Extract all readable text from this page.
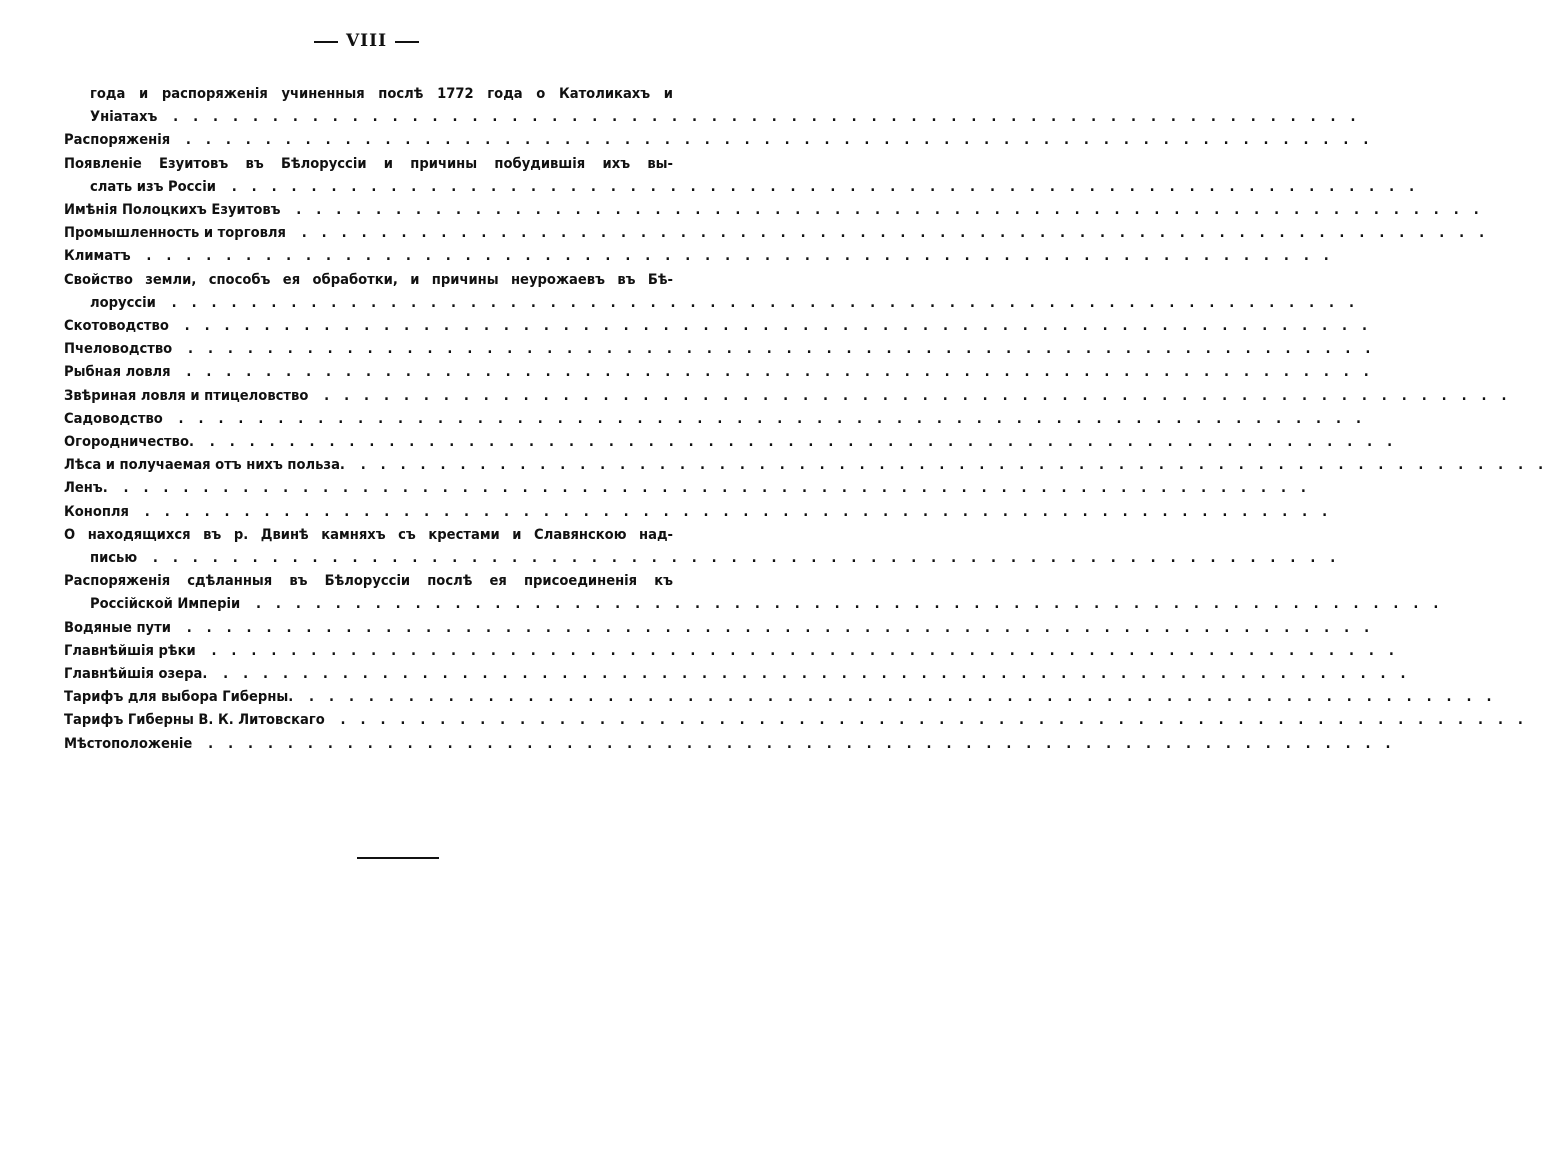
VIII
года и распоряженія учиненныя послѣ 1772 года о Католикахъ и
Уніатахъ . . . . . . . . . . . . . . . . . . . . . . . . . . . . . . . . . . . . . . . . . . . . . . . . . . . . . . . . . . . .
Распоряженія . . . . . . . . . . . . . . . . . . . . . . . . . . . . . . . . . . . . . . . . . . . . . . . . . . . . . . . . . . . .
Появленіе Езуитовъ въ Бѣлоруссіи и причины побудившія ихъ вы-
слать изъ Россіи . . . . . . . . . . . . . . . . . . . . . . . . . . . . . . . . . . . . . . . . . . . . . . . . . . . . . . . . . . . .
Имѣнія Полоцкихъ Езуитовъ . . . . . . . . . . . . . . . . . . . . . . . . . . . . . . . . . . . . . . . . . . . . . . . . . . . . . . . . . . . .
Промышленность и торговля . . . . . . . . . . . . . . . . . . . . . . . . . . . . . . . . . . . . . . . . . . . . . . . . . . . . . . . . . . . .
Климатъ . . . . . . . . . . . . . . . . . . . . . . . . . . . . . . . . . . . . . . . . . . . . . . . . . . . . . . . . . . . .
Свойство земли, способъ ея обработки, и причины неурожаевъ въ Бѣ-
лоруссіи . . . . . . . . . . . . . . . . . . . . . . . . . . . . . . . . . . . . . . . . . . . . . . . . . . . . . . . . . . . .
Скотоводство . . . . . . . . . . . . . . . . . . . . . . . . . . . . . . . . . . . . . . . . . . . . . . . . . . . . . . . . . . . .
Пчеловодство . . . . . . . . . . . . . . . . . . . . . . . . . . . . . . . . . . . . . . . . . . . . . . . . . . . . . . . . . . . .
Рыбная ловля . . . . . . . . . . . . . . . . . . . . . . . . . . . . . . . . . . . . . . . . . . . . . . . . . . . . . . . . . . . .
Звѣриная ловля и птицеловство . . . . . . . . . . . . . . . . . . . . . . . . . . . . . . . . . . . . . . . . . . . . . . . . . . . . . . . . . . . .
Садоводство . . . . . . . . . . . . . . . . . . . . . . . . . . . . . . . . . . . . . . . . . . . . . . . . . . . . . . . . . . . .
Огородничество. . . . . . . . . . . . . . . . . . . . . . . . . . . . . . . . . . . . . . . . . . . . . . . . . . . . . . . . . . . . .
Лѣса и получаемая отъ нихъ польза. . . . . . . . . . . . . . . . . . . . . . . . . . . . . . . . . . . . . . . . . . . . . . . . . . . . . . . . . . . . .
Ленъ. . . . . . . . . . . . . . . . . . . . . . . . . . . . . . . . . . . . . . . . . . . . . . . . . . . . . . . . . . . . .
Конопля . . . . . . . . . . . . . . . . . . . . . . . . . . . . . . . . . . . . . . . . . . . . . . . . . . . . . . . . . . . .
О находящихся въ р. Двинѣ камняхъ съ крестами и Славянскою над-
писью . . . . . . . . . . . . . . . . . . . . . . . . . . . . . . . . . . . . . . . . . . . . . . . . . . . . . . . . . . . .
Распоряженія сдѣланныя въ Бѣлоруссіи послѣ ея присоединенія къ
Россійской Имперіи . . . . . . . . . . . . . . . . . . . . . . . . . . . . . . . . . . . . . . . . . . . . . . . . . . . . . . . . . . . .
Водяные пути . . . . . . . . . . . . . . . . . . . . . . . . . . . . . . . . . . . . . . . . . . . . . . . . . . . . . . . . . . . .
Главнѣйшія рѣки . . . . . . . . . . . . . . . . . . . . . . . . . . . . . . . . . . . . . . . . . . . . . . . . . . . . . . . . . . . .
Главнѣйшія озера. . . . . . . . . . . . . . . . . . . . . . . . . . . . . . . . . . . . . . . . . . . . . . . . . . . . . . . . . . . . .
Тарифъ для выбора Гиберны. . . . . . . . . . . . . . . . . . . . . . . . . . . . . . . . . . . . . . . . . . . . . . . . . . . . . . . . . . . . .
Тарифъ Гиберны В. К. Литовскаго . . . . . . . . . . . . . . . . . . . . . . . . . . . . . . . . . . . . . . . . . . . . . . . . . . . . . . . . . . . .
Мѣстоположеніе . . . . . . . . . . . . . . . . . . . . . . . . . . . . . . . . . . . . . . . . . . . . . . . . . . . . . . . . . . . .
